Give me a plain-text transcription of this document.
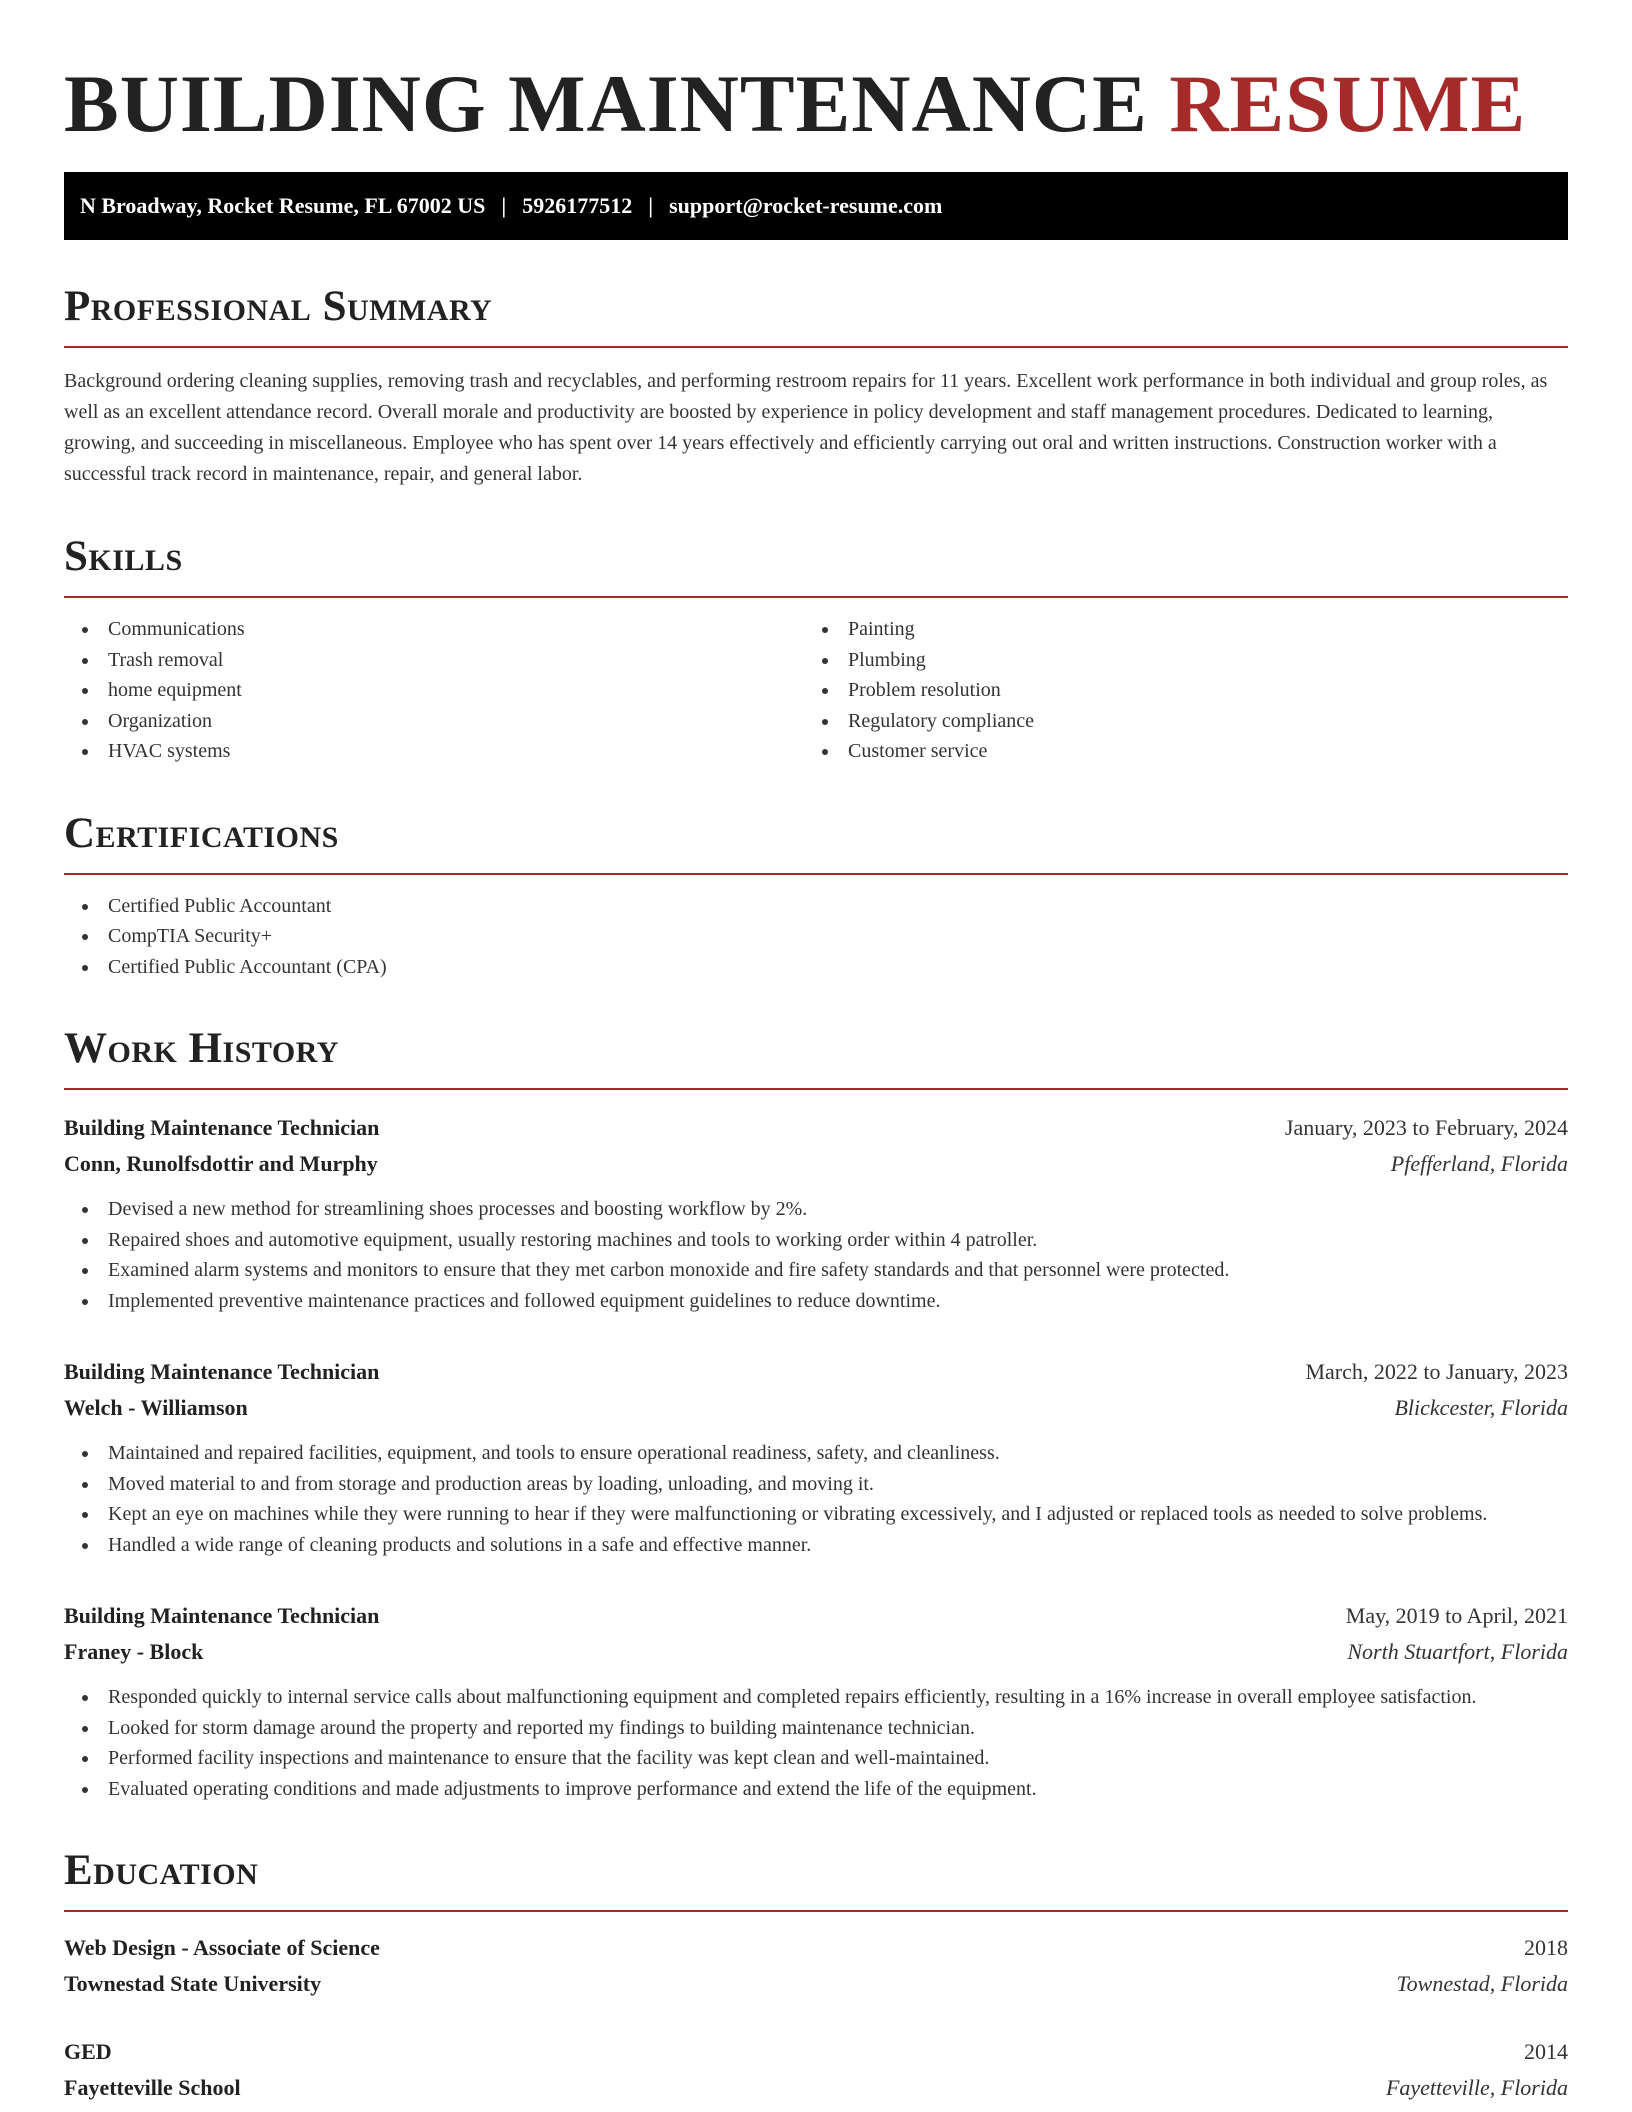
BUILDING MAINTENANCE RESUME
N Broadway, Rocket Resume, FL 67002 US | 5926177512 | support@rocket-resume.com
Professional Summary
Background ordering cleaning supplies, removing trash and recyclables, and performing restroom repairs for 11 years. Excellent work performance in both individual and group roles, as well as an excellent attendance record. Overall morale and productivity are boosted by experience in policy development and staff management procedures. Dedicated to learning, growing, and succeeding in miscellaneous. Employee who has spent over 14 years effectively and efficiently carrying out oral and written instructions. Construction worker with a successful track record in maintenance, repair, and general labor.
Skills
Communications
Trash removal
home equipment
Organization
HVAC systems
Painting
Plumbing
Problem resolution
Regulatory compliance
Customer service
Certifications
Certified Public Accountant
CompTIA Security+
Certified Public Accountant (CPA)
Work History
Building Maintenance Technician	January, 2023 to February, 2024
Conn, Runolfsdottir and Murphy	Pfefferland, Florida
Devised a new method for streamlining shoes processes and boosting workflow by 2%.
Repaired shoes and automotive equipment, usually restoring machines and tools to working order within 4 patroller.
Examined alarm systems and monitors to ensure that they met carbon monoxide and fire safety standards and that personnel were protected.
Implemented preventive maintenance practices and followed equipment guidelines to reduce downtime.
Building Maintenance Technician	March, 2022 to January, 2023
Welch - Williamson	Blickcester, Florida
Maintained and repaired facilities, equipment, and tools to ensure operational readiness, safety, and cleanliness.
Moved material to and from storage and production areas by loading, unloading, and moving it.
Kept an eye on machines while they were running to hear if they were malfunctioning or vibrating excessively, and I adjusted or replaced tools as needed to solve problems.
Handled a wide range of cleaning products and solutions in a safe and effective manner.
Building Maintenance Technician	May, 2019 to April, 2021
Franey - Block	North Stuartfort, Florida
Responded quickly to internal service calls about malfunctioning equipment and completed repairs efficiently, resulting in a 16% increase in overall employee satisfaction.
Looked for storm damage around the property and reported my findings to building maintenance technician.
Performed facility inspections and maintenance to ensure that the facility was kept clean and well-maintained.
Evaluated operating conditions and made adjustments to improve performance and extend the life of the equipment.
Education
Web Design - Associate of Science	2018
Townestad State University	Townestad, Florida
GED	2014
Fayetteville School	Fayetteville, Florida
